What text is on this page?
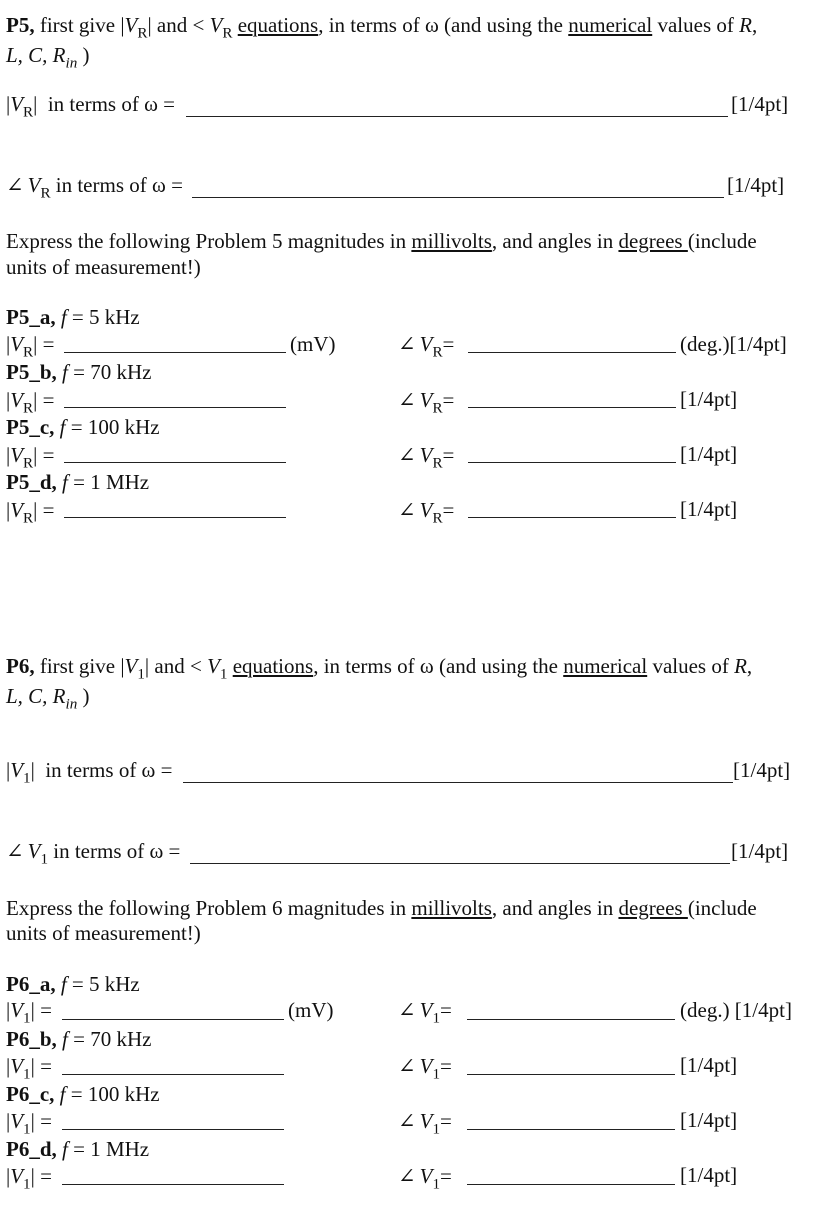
P5, first give $|V_R|$ and < $V_R$ equations, in terms of ω (and using the numerical values of R,
L, C, $R_{in}$ )
$|V_R|$ in terms of ω =	[1/4pt]
∠ $V_R$ in terms of ω =	[1/4pt]
Express the following Problem 5 magnitudes in millivolts, and angles in degrees (include
units of measurement!)
P5_a, f = 5 kHz
$|V_R|$ =	(mV)	∠ $V_R=$	(deg.)[1/4pt]
P5_b, f = 70 kHz
$|V_R|$ =	∠ $V_R=$	[1/4pt]
P5_c, f = 100 kHz
$|V_R|$ =	∠ $V_R=$	[1/4pt]
P5_d, f = 1 MHz
$|V_R|$ =	∠ $V_R=$	[1/4pt]
P6, first give $|V_1|$ and < $V_1$ equations, in terms of ω (and using the numerical values of R,
L, C, $R_{in}$ )
$|V_1|$ in terms of ω =	[1/4pt]
∠ $V_1$ in terms of ω =	[1/4pt]
Express the following Problem 6 magnitudes in millivolts, and angles in degrees (include
units of measurement!)
P6_a, f = 5 kHz
$|V_1|$ =	(mV)	∠ $V_1=$	(deg.) [1/4pt]
P6_b, f = 70 kHz
$|V_1|$ =	∠ $V_1=$	[1/4pt]
P6_c, f = 100 kHz
$|V_1|$ =	∠ $V_1=$	[1/4pt]
P6_d, f = 1 MHz
$|V_1|$ =	∠ $V_1=$	[1/4pt]
